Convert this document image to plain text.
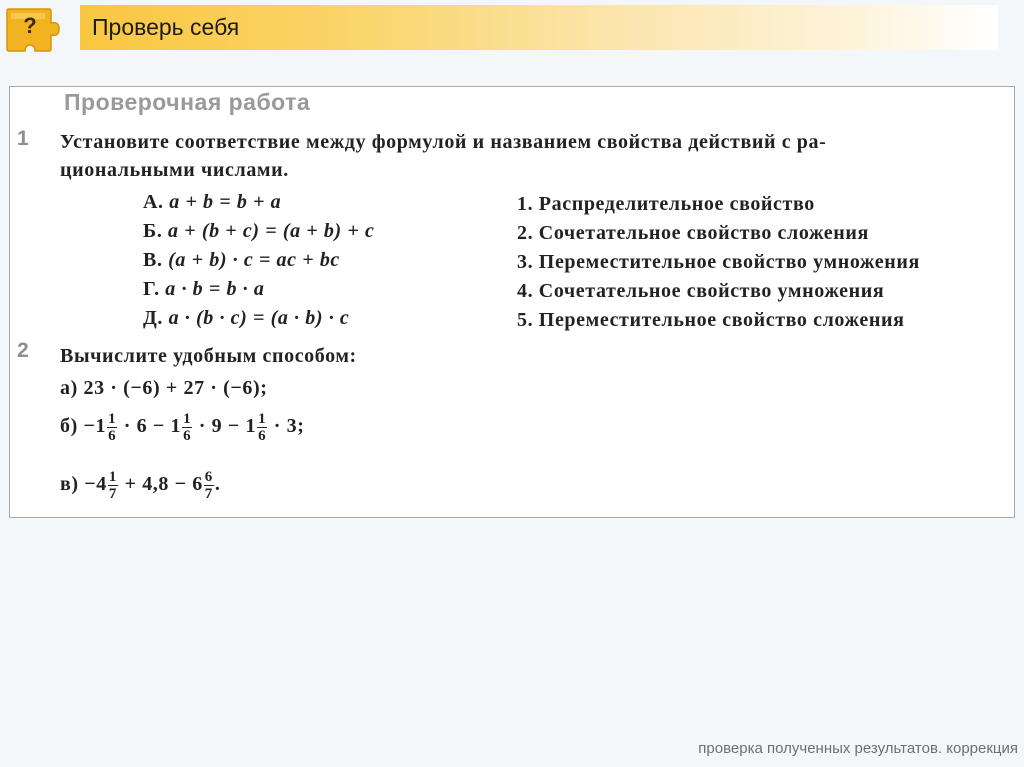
?	Проверь себя
Проверочная работа
1 Установите соответствие между формулой и названием свойства действий с ра-
циональными числами.
А. a + b = b + a
Б. a + (b + c) = (a + b) + c
В. (a + b) · c = ac + bc
Г. a · b = b · a
Д. a · (b · c) = (a · b) · c
1. Распределительное свойство
2. Сочетательное свойство сложения
3. Переместительное свойство умножения
4. Сочетательное свойство умножения
5. Переместительное свойство сложения
2 Вычислите удобным способом:
а) 23 · (−6) + 27 · (−6);
$б) -1 \frac{1}{6} \cdot 6 - 1 \frac{1}{6} \cdot 9 - 1 \frac{1}{6} \cdot 3$;
$в) -4 \frac{1}{7} + 4,8 - 6 \frac{6}{7}$ .
проверка полученных результатов. коррекция
